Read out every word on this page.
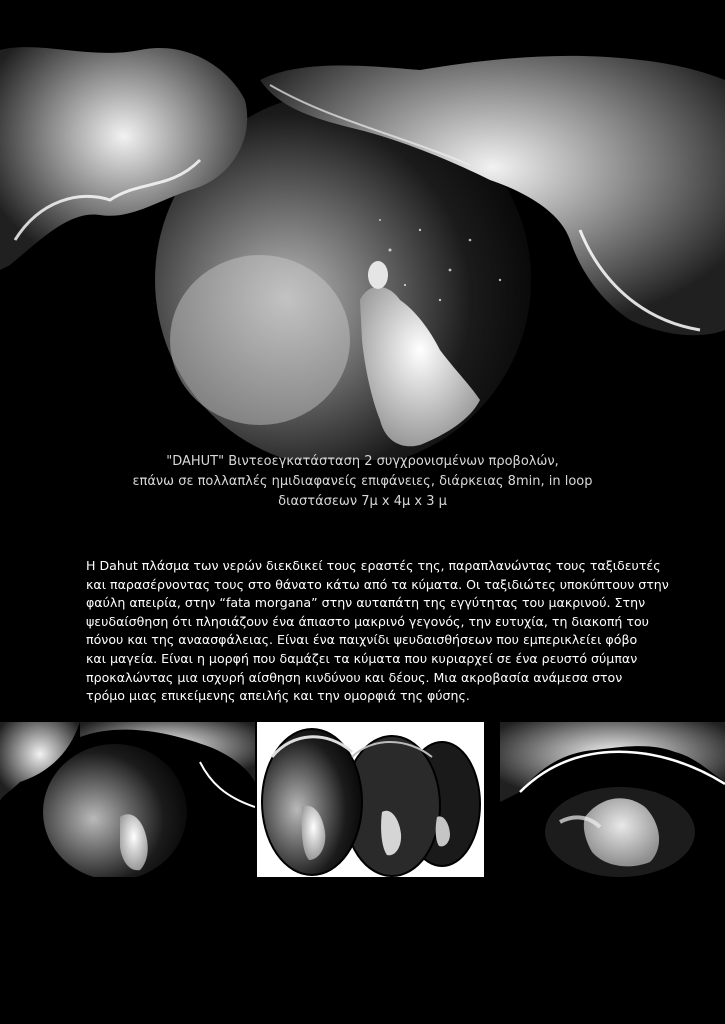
"DAHUT" Βιντεοεγκατάσταση 2 συγχρονισμένων προβολών,
επάνω σε πολλαπλές ημιδιαφανείς επιφάνειες, διάρκειας 8min, in loop
διαστάσεων 7μ x 4μ x 3 μ
Η Dahut πλάσμα των νερών διεκδικεί τους εραστές της, παραπλανώντας τους ταξιδευτές
και παρασέρνοντας τους στο θάνατο κάτω από τα κύματα. Οι ταξιδιώτες υποκύπτουν στην
φαύλη απειρία, στην “fata morgana” στην αυταπάτη της εγγύτητας του μακρινού. Στην
ψευδαίσθηση ότι πλησιάζουν ένα άπιαστο μακρινό γεγονός, την ευτυχία, τη διακοπή του
πόνου και της αναασφάλειας. Είναι ένα παιχνίδι ψευδαισθήσεων που εμπερικλείει φόβο
και μαγεία. Είναι η μορφή που δαμάζει τα κύματα που κυριαρχεί σε ένα ρευστό σύμπαν
προκαλώντας μια ισχυρή αίσθηση κινδύνου και δέους. Μια ακροβασία ανάμεσα στον
τρόμο μιας επικείμενης απειλής και την ομορφιά της φύσης.
